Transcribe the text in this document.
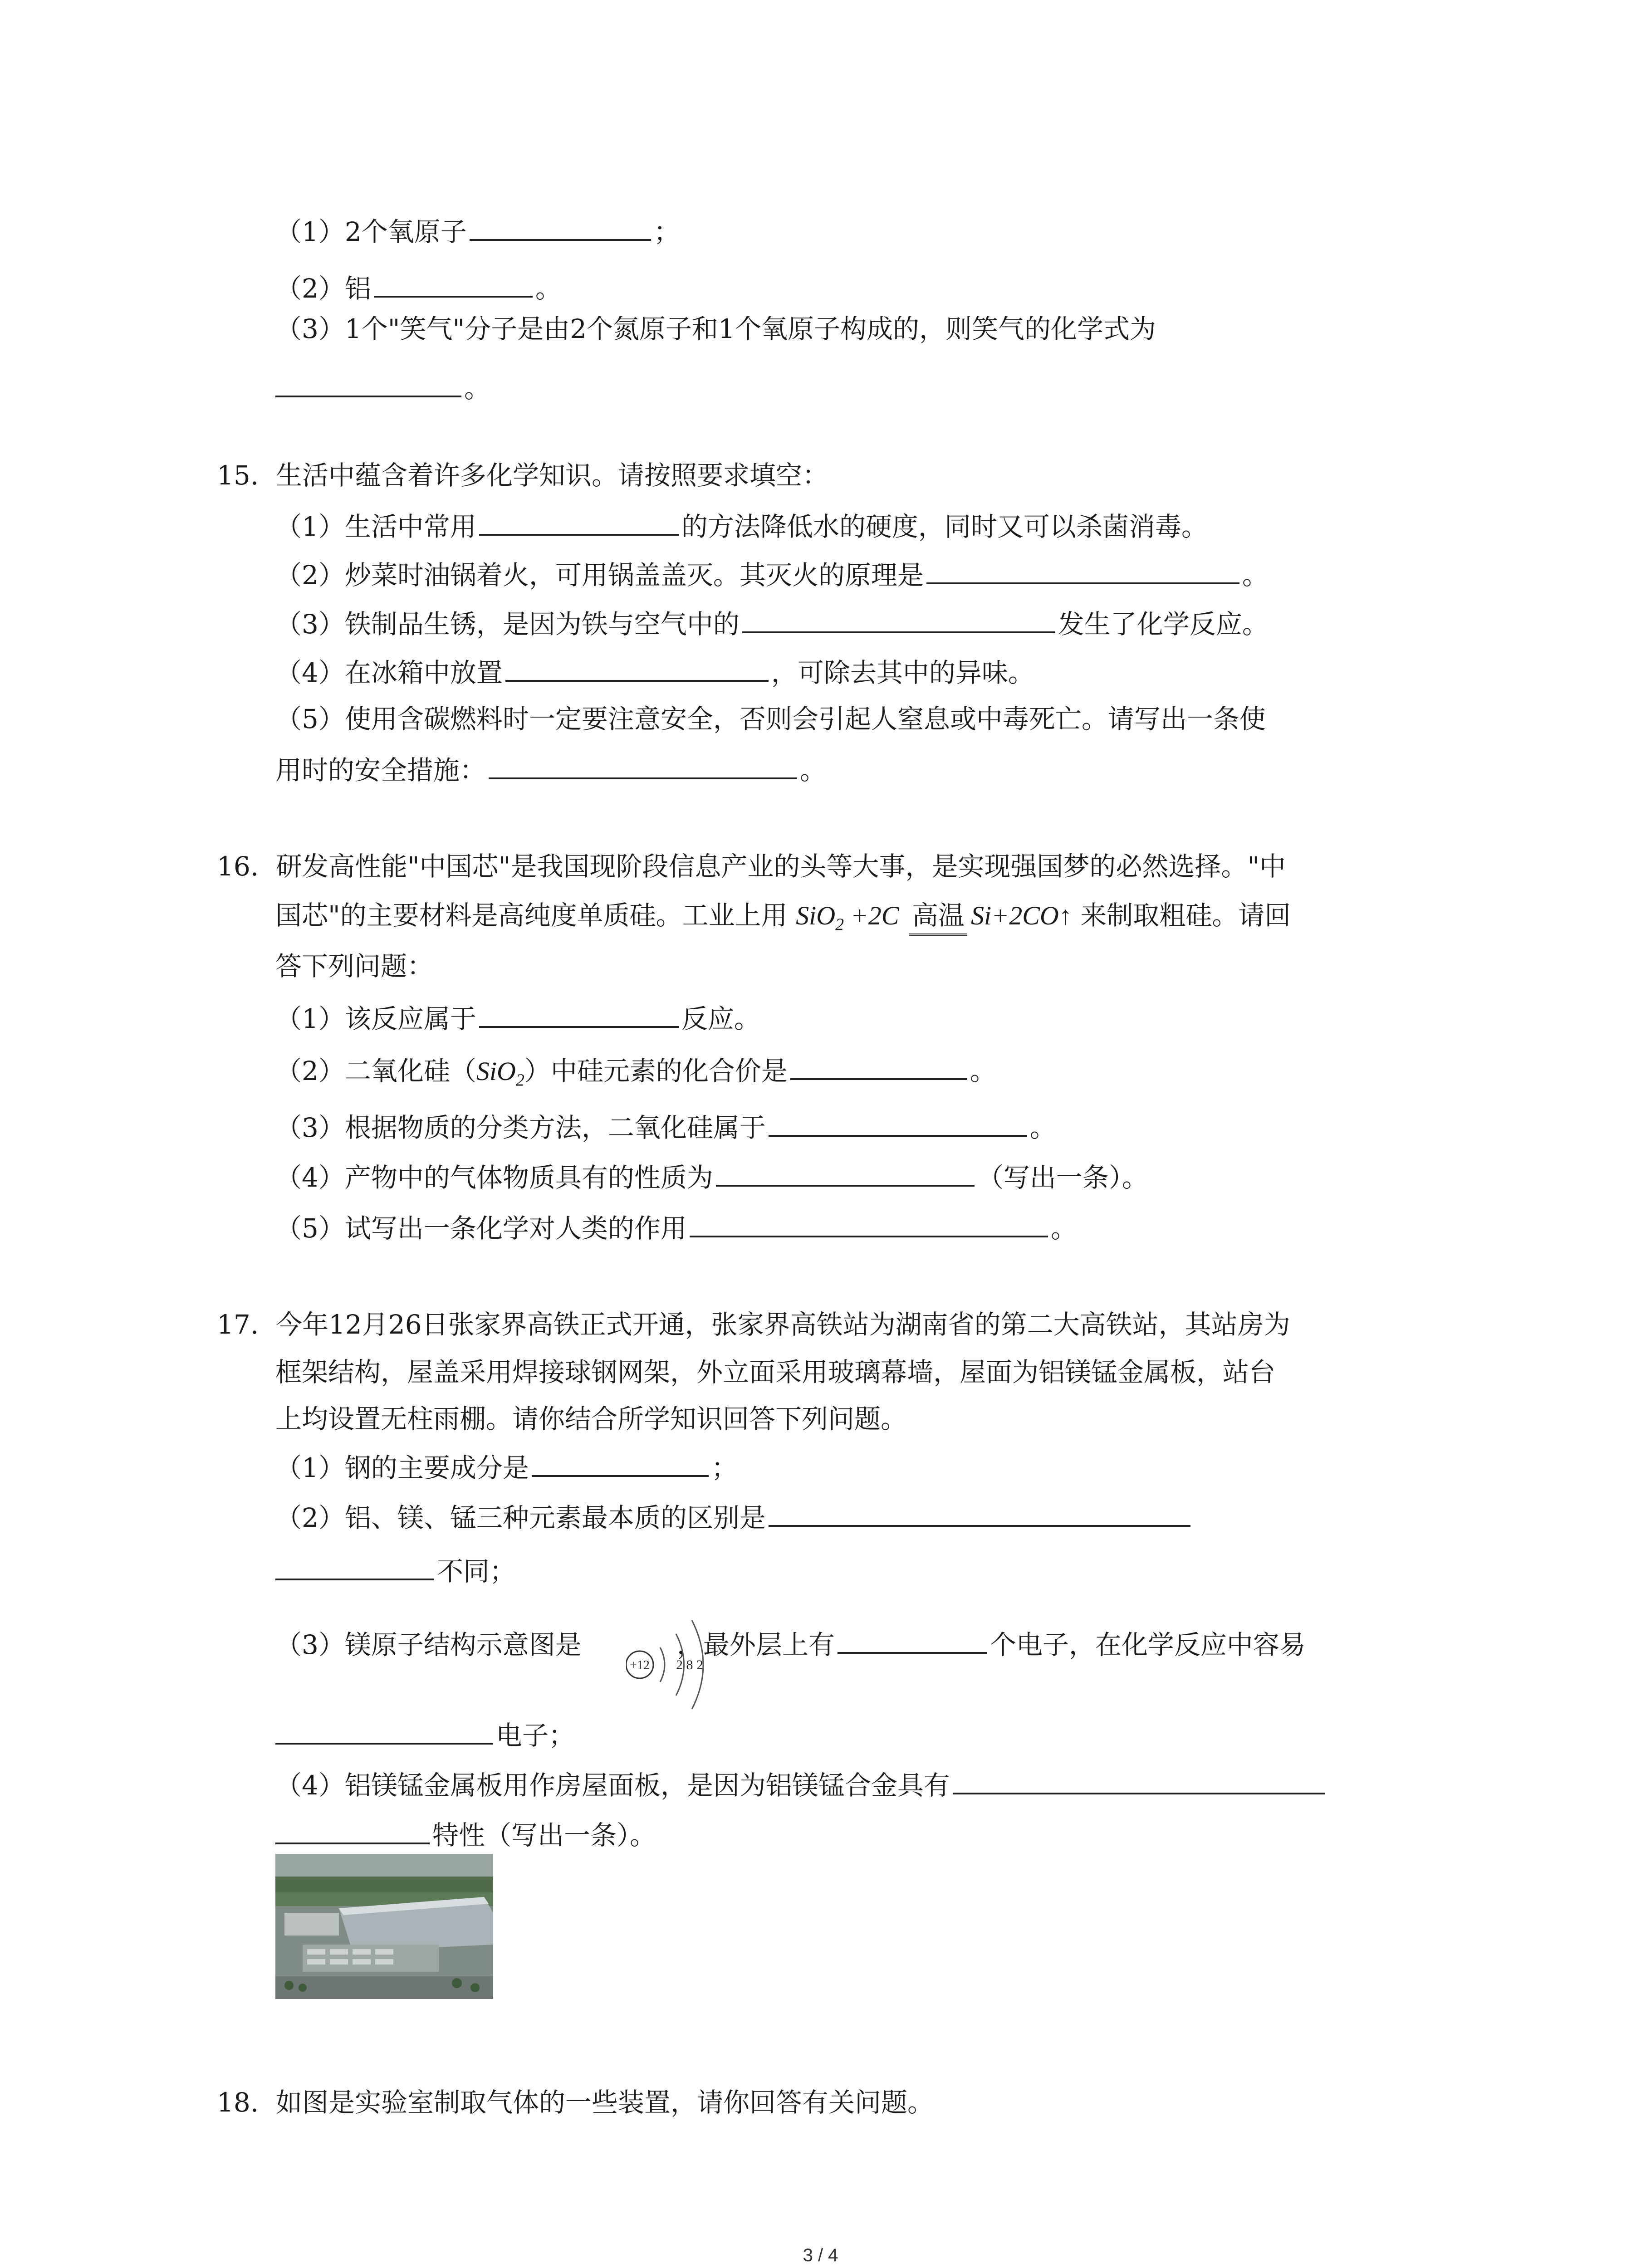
（1）2个氧原子	；
（2）铝	。
（3）1个"笑气"分子是由2个氮原子和1个氧原子构成的，则笑气的化学式为
。
15. 生活中蕴含着许多化学知识。请按照要求填空：
（1）生活中常用	的方法降低水的硬度，同时又可以杀菌消毒。
（2）炒菜时油锅着火，可用锅盖盖灭。其灭火的原理是	。
（3）铁制品生锈，是因为铁与空气中的	发生了化学反应。
（4）在冰箱中放置	，可除去其中的异味。
（5）使用含碳燃料时一定要注意安全，否则会引起人窒息或中毒死亡。请写出一条使
用时的安全措施：	。
16. 研发高性能"中国芯"是我国现阶段信息产业的头等大事，是实现强国梦的必然选择。"中
国芯"的主要材料是高纯度单质硅。工业上用 SiO$_2$ +2C 高温 Si+2CO↑ 来制取粗硅。请回
答下列问题：
（1）该反应属于	反应。
（2）二氧化硅（SiO$_2$）中硅元素的化合价是	。
（3）根据物质的分类方法，二氧化硅属于	。
（4）产物中的气体物质具有的性质为	（写出一条）。
（5）试写出一条化学对人类的作用	。
17. 今年12月26日张家界高铁正式开通，张家界高铁站为湖南省的第二大高铁站，其站房为
框架结构，屋盖采用焊接球钢网架，外立面采用玻璃幕墙，屋面为铝镁锰金属板，站台
上均设置无柱雨棚。请你结合所学知识回答下列问题。
（1）钢的主要成分是	；
（2）铝、镁、锰三种元素最本质的区别是
不同；
（3）镁原子结构示意图是	，最外层上有	个电子，在化学反应中容易
+12 2 8 2
电子；
（4）铝镁锰金属板用作房屋面板，是因为铝镁锰合金具有
特性（写出一条）。
18. 如图是实验室制取气体的一些装置，请你回答有关问题。
3 / 4
